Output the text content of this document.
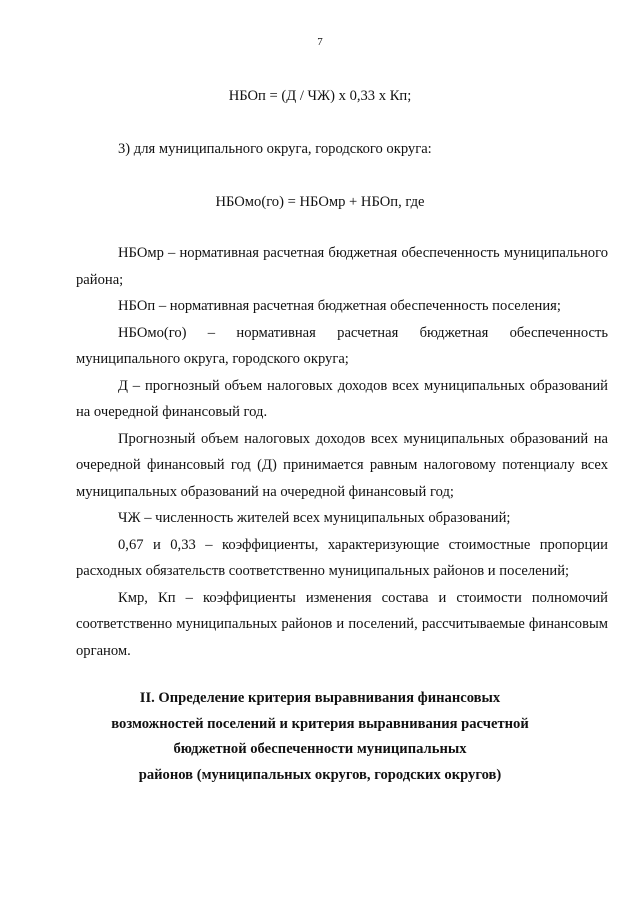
7
НБОп = (Д / ЧЖ) х 0,33 х Кп;
3) для муниципального округа, городского округа:
НБОмо(го) = НБОмр + НБОп, где

НБОмр – нормативная расчетная бюджетная обеспеченность муниципального района;

НБОп – нормативная расчетная бюджетная обеспеченность поселения;

НБОмо(го) – нормативная расчетная бюджетная обеспеченность муниципального округа, городского округа;

Д – прогнозный объем налоговых доходов всех муниципальных образований на очередной финансовый год.

Прогнозный объем налоговых доходов всех муниципальных образований на очередной финансовый год (Д) принимается равным налоговому потенциалу всех муниципальных образований на очередной финансовый год;

ЧЖ – численность жителей всех муниципальных образований;

0,67 и 0,33 – коэффициенты, характеризующие стоимостные пропорции расходных обязательств соответственно муниципальных районов и поселений;

Кмр, Кп – коэффициенты изменения состава и стоимости полномочий соответственно муниципальных районов и поселений, рассчитываемые финансовым органом.

II. Определение критерия выравнивания финансовых
возможностей поселений и критерия выравнивания расчетной
бюджетной обеспеченности муниципальных
районов (муниципальных округов, городских округов)
